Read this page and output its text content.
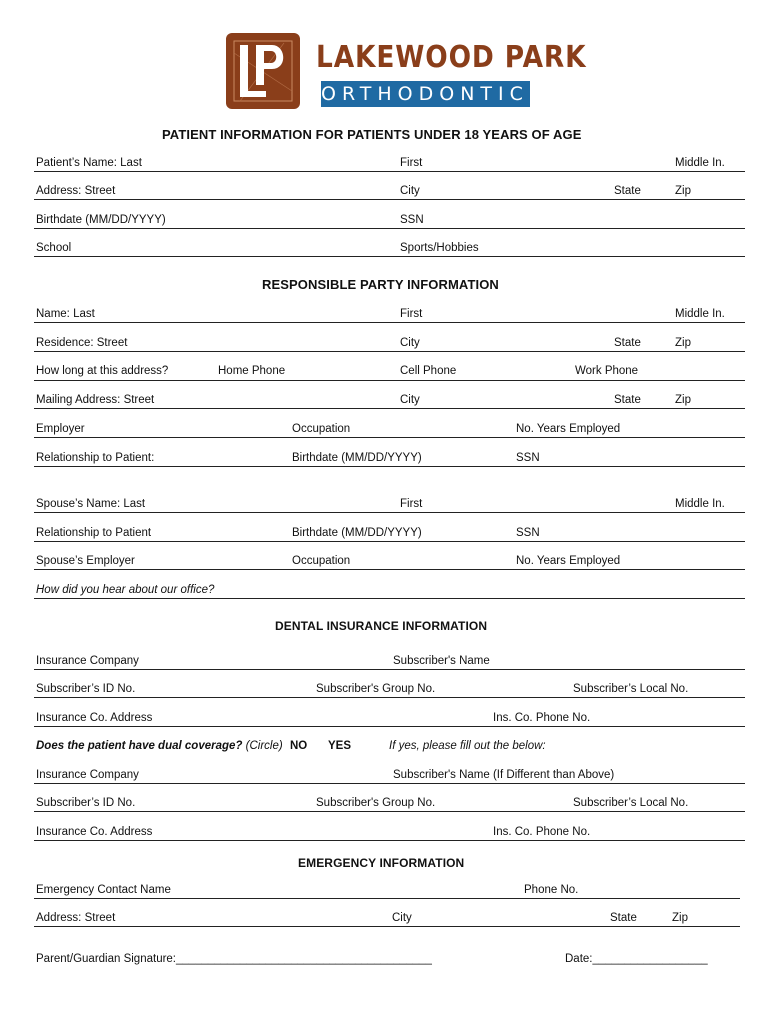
LAKEWOOD PARK
ORTHODONTICS
PATIENT INFORMATION FOR PATIENTS UNDER 18 YEARS OF AGE
Patient’s Name: Last	First	Middle In.
Address: Street	City	State	Zip
Birthdate (MM/DD/YYYY)	SSN
School	Sports/Hobbies
RESPONSIBLE PARTY INFORMATION
Name: Last	First	Middle In.
Residence: Street	City	State	Zip
How long at this address?	Home Phone	Cell Phone	Work Phone
Mailing Address: Street	City	State	Zip
Employer	Occupation	No. Years Employed
Relationship to Patient:	Birthdate (MM/DD/YYYY)	SSN
Spouse’s Name: Last	First	Middle In.
Relationship to Patient	Birthdate (MM/DD/YYYY)	SSN
Spouse’s Employer	Occupation	No. Years Employed
How did you hear about our office?
DENTAL INSURANCE INFORMATION
Insurance Company	Subscriber's Name
Subscriber’s ID No.	Subscriber's Group No.	Subscriber’s Local No.
Insurance Co. Address	Ins. Co. Phone No.
Does the patient have dual coverage? (Circle) NO YES	If yes, please fill out the below:
Insurance Company	Subscriber's Name (If Different than Above)
Subscriber’s ID No.	Subscriber's Group No.	Subscriber’s Local No.
Insurance Co. Address	Ins. Co. Phone No.
EMERGENCY INFORMATION
Emergency Contact Name	Phone No.
Address: Street	City	State	Zip
Parent/Guardian Signature:________________________________________	Date:__________________
